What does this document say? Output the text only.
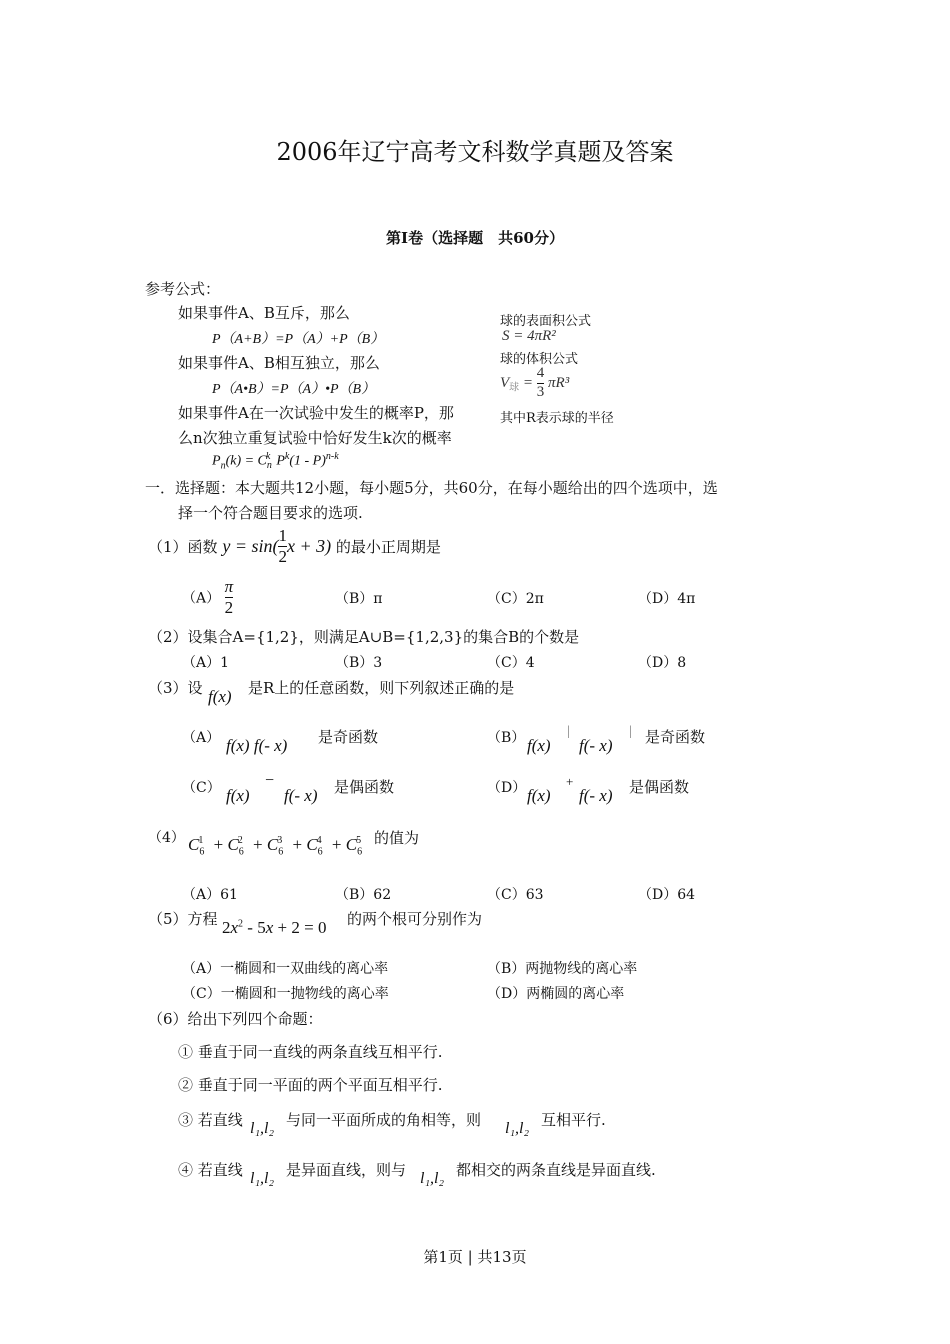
2006年辽宁高考文科数学真题及答案
第I卷（选择题　共60分）
参考公式：
如果事件A、B互斥，那么
P（A+B）=P（A）+P（B）
如果事件A、B相互独立，那么
P（A•B）=P（A）•P（B）
如果事件A在一次试验中发生的概率P，那
么n次独立重复试验中恰好发生k次的概率
$P_n(k) = C_n^k$ $P^k(1 - P)^{n-k}$
球的表面积公式
S = 4πR²
球的体积公式
$V_球 = \frac{4}{3} \pi R^3$
其中R表示球的半径
一．选择题：本大题共12小题，每小题5分，共60分，在每小题给出的四个选项中，选
择一个符合题目要求的选项.
（1）函数 $y = \sin( \frac{1}{2}$ x + 3) 的最小正周期是
$(A) \frac{\pi}{2}$	（B）π	（C）2π	（D）4π
（2）设集合A={1,2}，则满足A∪B={1,2,3}的集合B的个数是
（A）1	（B）3	（C）4	（D）8
（3）设 f(x) 是R上的任意函数，则下列叙述正确的是
（A） f(x) f(- x) 是奇函数	（B） f(x)
|
f(- x)
| 是奇函数
（C） f(x)
−
f(- x) 是偶函数	（D） f(x)
+
f(- x) 是偶函数
（4） $C_6^1 + C_6^2 + C_6^3 + C_6^4 + C_6^5$ 的值为
（A）61	（B）62	（C）63	（D）64
（5）方程 $2x^2 - 5x + 2 = 0$ 的两个根可分别作为
（A）一椭圆和一双曲线的离心率	（B）两抛物线的离心率
（C）一椭圆和一抛物线的离心率	（D）两椭圆的离心率
（6）给出下列四个命题：
① 垂直于同一直线的两条直线互相平行.
② 垂直于同一平面的两个平面互相平行.
③ 若直线 l₁,l₂ 与同一平面所成的角相等，则 l₁,l₂ 互相平行.
④ 若直线 l₁,l₂ 是异面直线，则与 l₁,l₂ 都相交的两条直线是异面直线.
第1页 | 共13页
